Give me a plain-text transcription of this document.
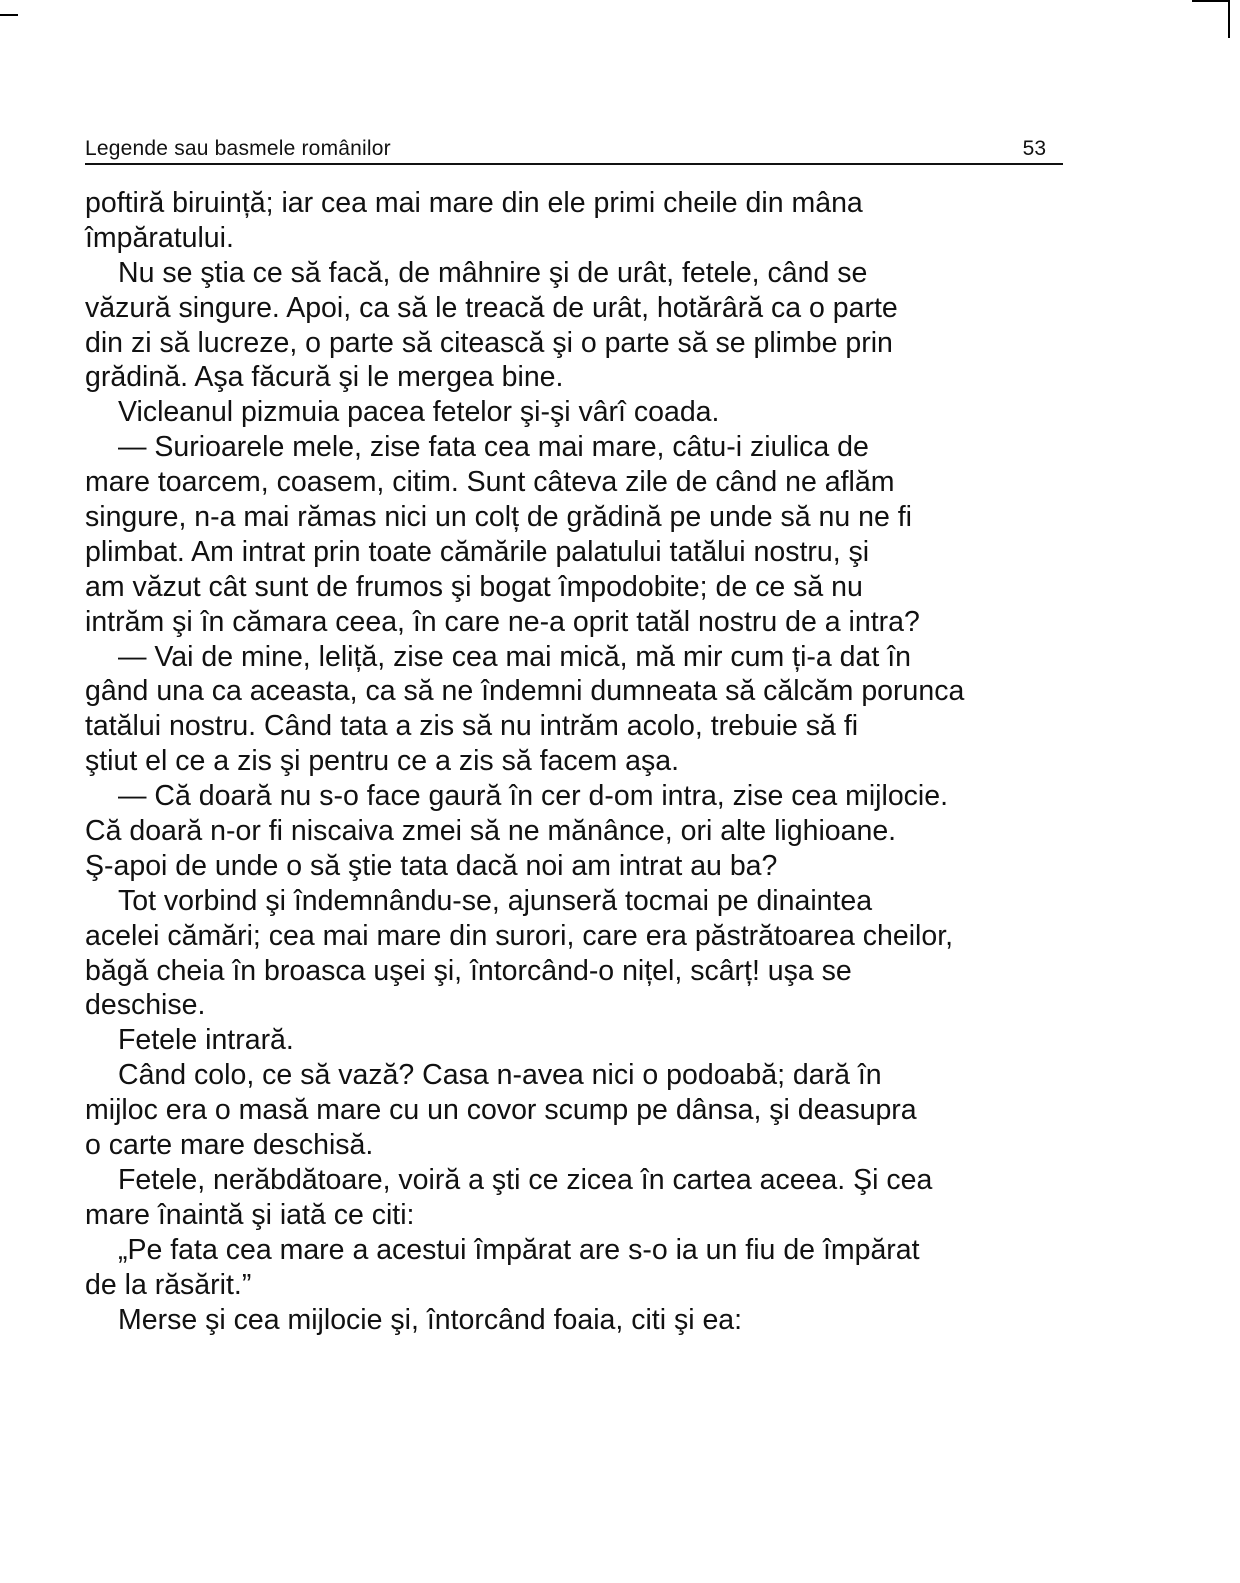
Legende sau basmele românilor	53
poftiră biruință; iar cea mai mare din ele primi cheile din mâna
împăratului.
Nu se ştia ce să facă, de mâhnire şi de urât, fetele, când se
văzură singure. Apoi, ca să le treacă de urât, hotărâră ca o parte
din zi să lucreze, o parte să citească şi o parte să se plimbe prin
grădină. Aşa făcură şi le mergea bine.
Vicleanul pizmuia pacea fetelor şi-şi vârî coada.
— Surioarele mele, zise fata cea mai mare, câtu-i ziulica de
mare toarcem, coasem, citim. Sunt câteva zile de când ne aflăm
singure, n-a mai rămas nici un colț de grădină pe unde să nu ne fi
plimbat. Am intrat prin toate cămările palatului tatălui nostru, şi
am văzut cât sunt de frumos şi bogat împodobite; de ce să nu
intrăm şi în cămara ceea, în care ne-a oprit tatăl nostru de a intra?
— Vai de mine, leliță, zise cea mai mică, mă mir cum ți-a dat în
gând una ca aceasta, ca să ne îndemni dumneata să călcăm porunca
tatălui nostru. Când tata a zis să nu intrăm acolo, trebuie să fi
ştiut el ce a zis şi pentru ce a zis să facem aşa.
— Că doară nu s-o face gaură în cer d-om intra, zise cea mijlocie.
Că doară n-or fi niscaiva zmei să ne mănânce, ori alte lighioane.
Ş-apoi de unde o să ştie tata dacă noi am intrat au ba?
Tot vorbind şi îndemnându-se, ajunseră tocmai pe dinaintea
acelei cămări; cea mai mare din surori, care era păstrătoarea cheilor,
băgă cheia în broasca uşei şi, întorcând-o nițel, scârț! uşa se
deschise.
Fetele intrară.
Când colo, ce să vază? Casa n-avea nici o podoabă; dară în
mijloc era o masă mare cu un covor scump pe dânsa, şi deasupra
o carte mare deschisă.
Fetele, nerăbdătoare, voiră a şti ce zicea în cartea aceea. Şi cea
mare înaintă şi iată ce citi:
„Pe fata cea mare a acestui împărat are s-o ia un fiu de împărat
de la răsărit.”
Merse şi cea mijlocie şi, întorcând foaia, citi şi ea:
